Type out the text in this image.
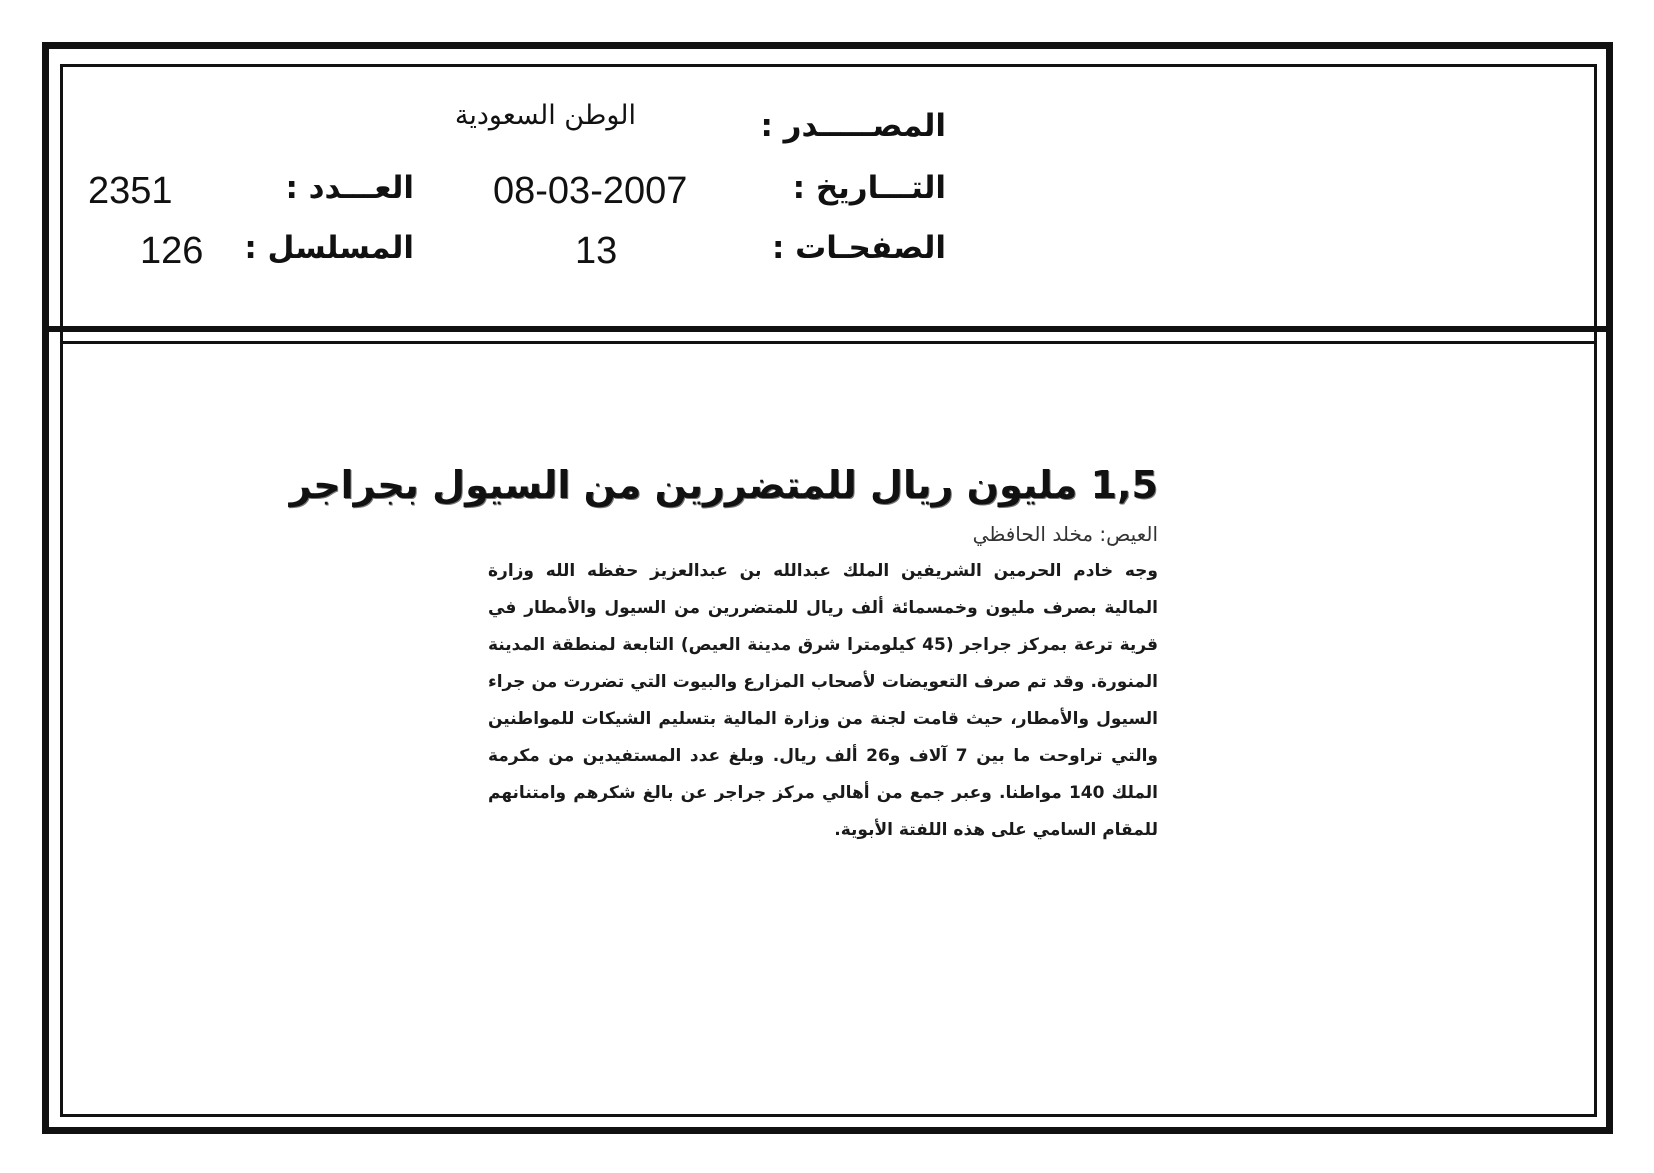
المصـــــدر :
الوطن السعودية
التـــاريخ :
08-03-2007
العـــدد :
2351
الصفحـات :
13
المسلسل :
126
1,5 مليون ريال للمتضررين من السيول بجراجر

العيص: مخلد الحافظي

وجه خادم الحرمين الشريفين الملك عبدالله بن عبدالعزيز حفظه الله وزارة المالية بصرف مليون وخمسمائة ألف ريال للمتضررين من السيول والأمطار في قرية ترعة بمركز جراجر (45 كيلومترا شرق مدينة العيص) التابعة لمنطقة المدينة المنورة. وقد تم صرف التعويضات لأصحاب المزارع والبيوت التي تضررت من جراء السيول والأمطار، حيث قامت لجنة من وزارة المالية بتسليم الشيكات للمواطنين والتي تراوحت ما بين 7 آلاف و26 ألف ريال. وبلغ عدد المستفيدين من مكرمة الملك 140 مواطنا. وعبر جمع من أهالي مركز جراجر عن بالغ شكرهم وامتنانهم للمقام السامي على هذه اللفتة الأبوية.
